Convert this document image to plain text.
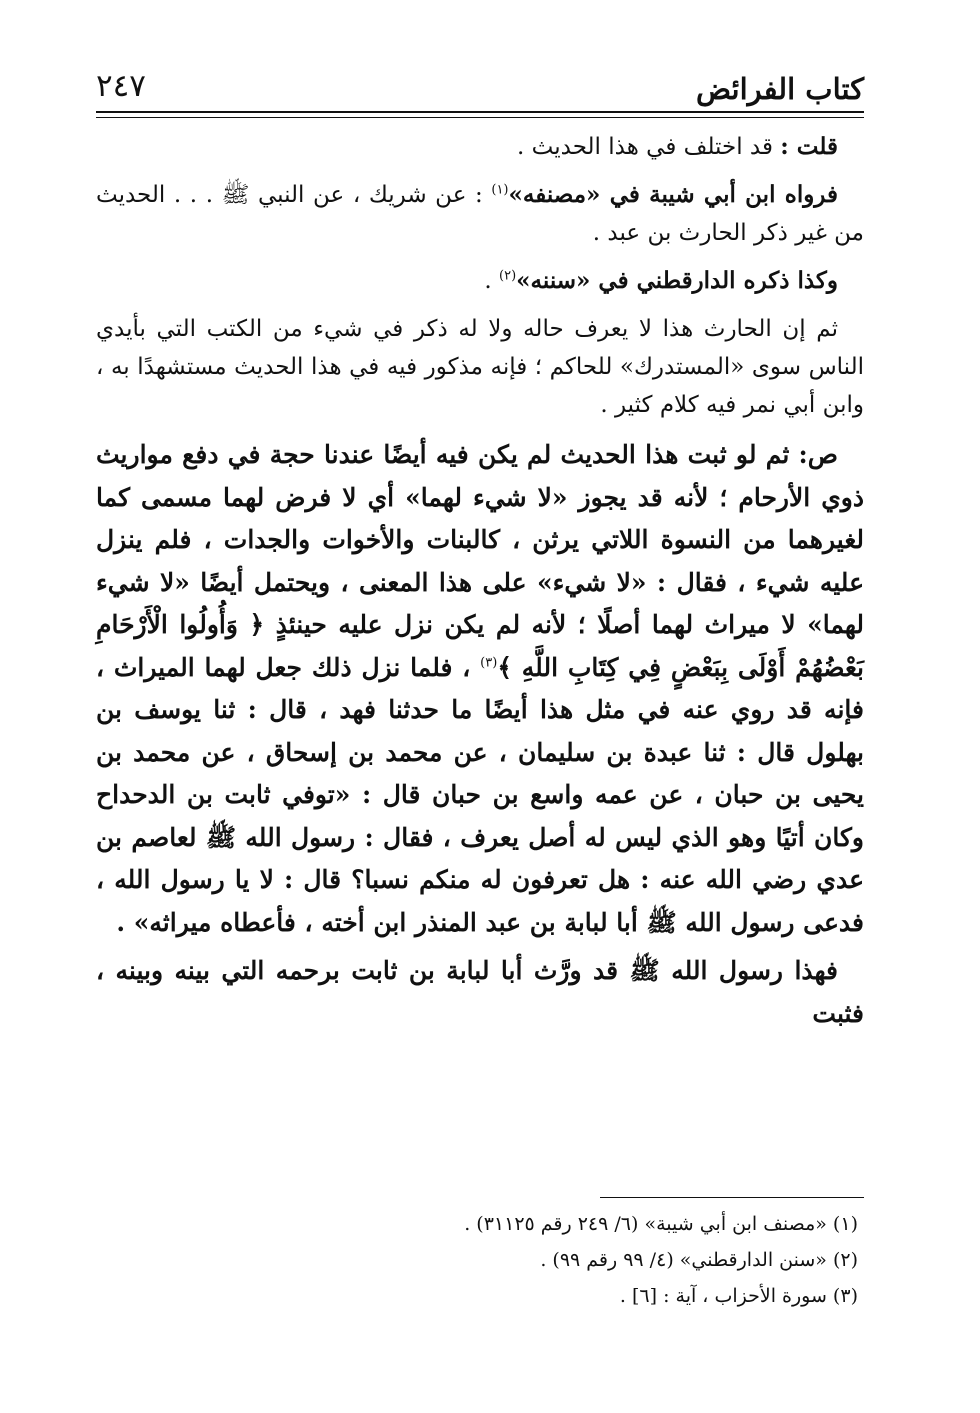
كتاب الفرائض
٢٤٧

قلت : قد اختلف في هذا الحديث .

فرواه ابن أبي شيبة في «مصنفه»$^{(١)}$ : عن شريك ، عن النبي ﷺ . . . الحديث من غير ذكر الحارث بن عبد .

وكذا ذكره الدارقطني في «سننه»$^{(٢)}$ .

ثم إن الحارث هذا لا يعرف حاله ولا له ذكر في شيء من الكتب التي بأيدي الناس سوى «المستدرك» للحاكم ؛ فإنه مذكور فيه في هذا الحديث مستشهدًا به ، وابن أبي نمر فيه كلام كثير .

ص: ثم لو ثبت هذا الحديث لم يكن فيه أيضًا عندنا حجة في دفع مواريث ذوي الأرحام ؛ لأنه قد يجوز «لا شيء لهما» أي لا فرض لهما مسمى كما لغيرهما من النسوة اللاتي يرثن ، كالبنات والأخوات والجدات ، فلم ينزل عليه شيء ، فقال : «لا شيء» على هذا المعنى ، ويحتمل أيضًا «لا شيء لهما» لا ميراث لهما أصلًا ؛ لأنه لم يكن نزل عليه حينئذٍ ﴿ وَأُولُوا الْأَرْحَامِ بَعْضُهُمْ أَوْلَى بِبَعْضٍ فِي كِتَابِ اللَّهِ ﴾$^{(٣)}$ ، فلما نزل ذلك جعل لهما الميراث ، فإنه قد روي عنه في مثل هذا أيضًا ما حدثنا فهد ، قال : ثنا يوسف بن بهلول قال : ثنا عبدة بن سليمان ، عن محمد بن إسحاق ، عن محمد بن يحيى بن حبان ، عن عمه واسع بن حبان قال : «توفي ثابت بن الدحداح وكان أتيًا وهو الذي ليس له أصل يعرف ، فقال : رسول الله ﷺ لعاصم بن عدي رضي الله عنه : هل تعرفون له منكم نسبا؟ قال : لا يا رسول الله ، فدعى رسول الله ﷺ أبا لبابة بن عبد المنذر ابن أخته ، فأعطاه ميراثه» .

فهذا رسول الله ﷺ قد ورَّث أبا لبابة بن ثابت برحمه التي بينه وبينه ، فثبت

(١) «مصنف ابن أبي شيبة» (٦/ ٢٤٩ رقم ٣١١٢٥) .
(٢) «سنن الدارقطني» (٤/ ٩٩ رقم ٩٩) .
(٣) سورة الأحزاب ، آية : [٦] .
